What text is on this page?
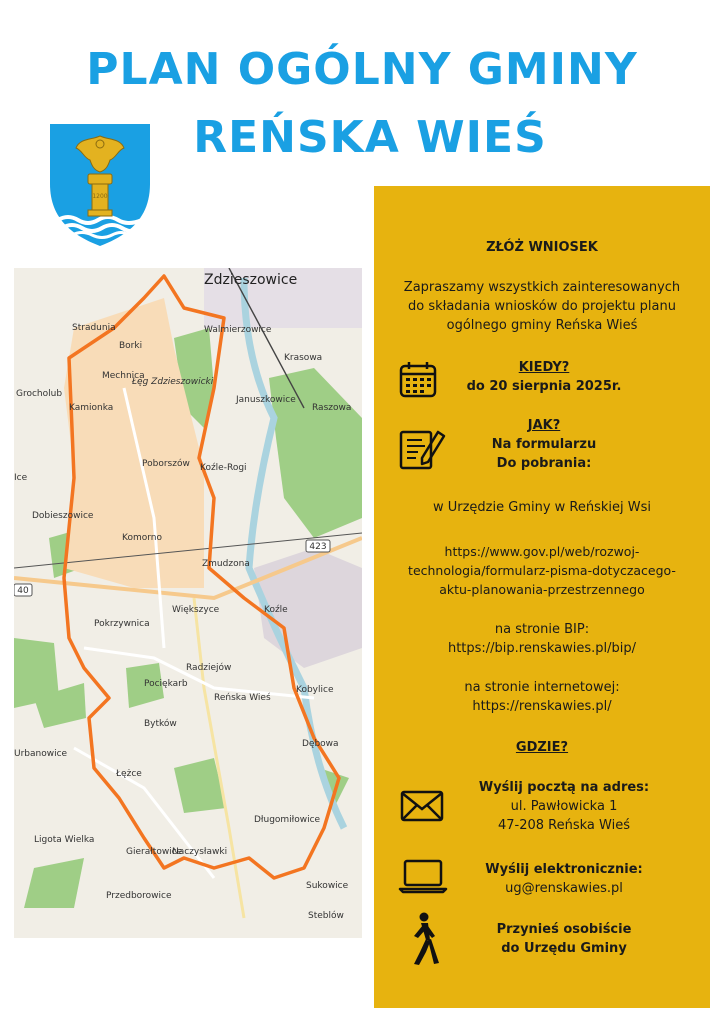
PLAN OGÓLNY GMINY
REŃSKA WIEŚ
1200
423
40
Zdzieszowice
Stradunia	Walmierzowice
Borki
Krasowa
Mechnica
Łęg Zdzieszowicki
Grocholub
Januszkowice
Raszowa
Kamionka
Poborszów
Ice
Koźle-Rogi
Dobieszowice
Komorno
Zmudzona
Większyce	Koźle
Pokrzywnica
Radziejów
Pociękarb
Reńska Wieś
Kobylice
Bytków
Urbanowice
Dębowa
Łężce
Długomiłowice
Ligota Wielka
Gierałtowice
Naczysławki
Sukowice
Przedborowice
Steblów

ZŁÓŻ WNIOSEK

Zapraszamy wszystkich zainteresowanych

do składania wniosków do projektu planu

ogólnego gminy Reńska Wieś

KIEDY?

do 20 sierpnia 2025r.

JAK?

Na formularzu

Do pobrania:

w Urzędzie Gminy w Reńskiej Wsi

https://www.gov.pl/web/rozwoj-

technologia/formularz-pisma-dotyczacego-

aktu-planowania-przestrzennego

na stronie BIP:

https://bip.renskawies.pl/bip/

na stronie internetowej:

https://renskawies.pl/

GDZIE?

Wyślij pocztą na adres:

ul. Pawłowicka 1

47-208 Reńska Wieś

Wyślij elektronicznie:

ug@renskawies.pl

Przynieś osobiście

do Urzędu Gminy
